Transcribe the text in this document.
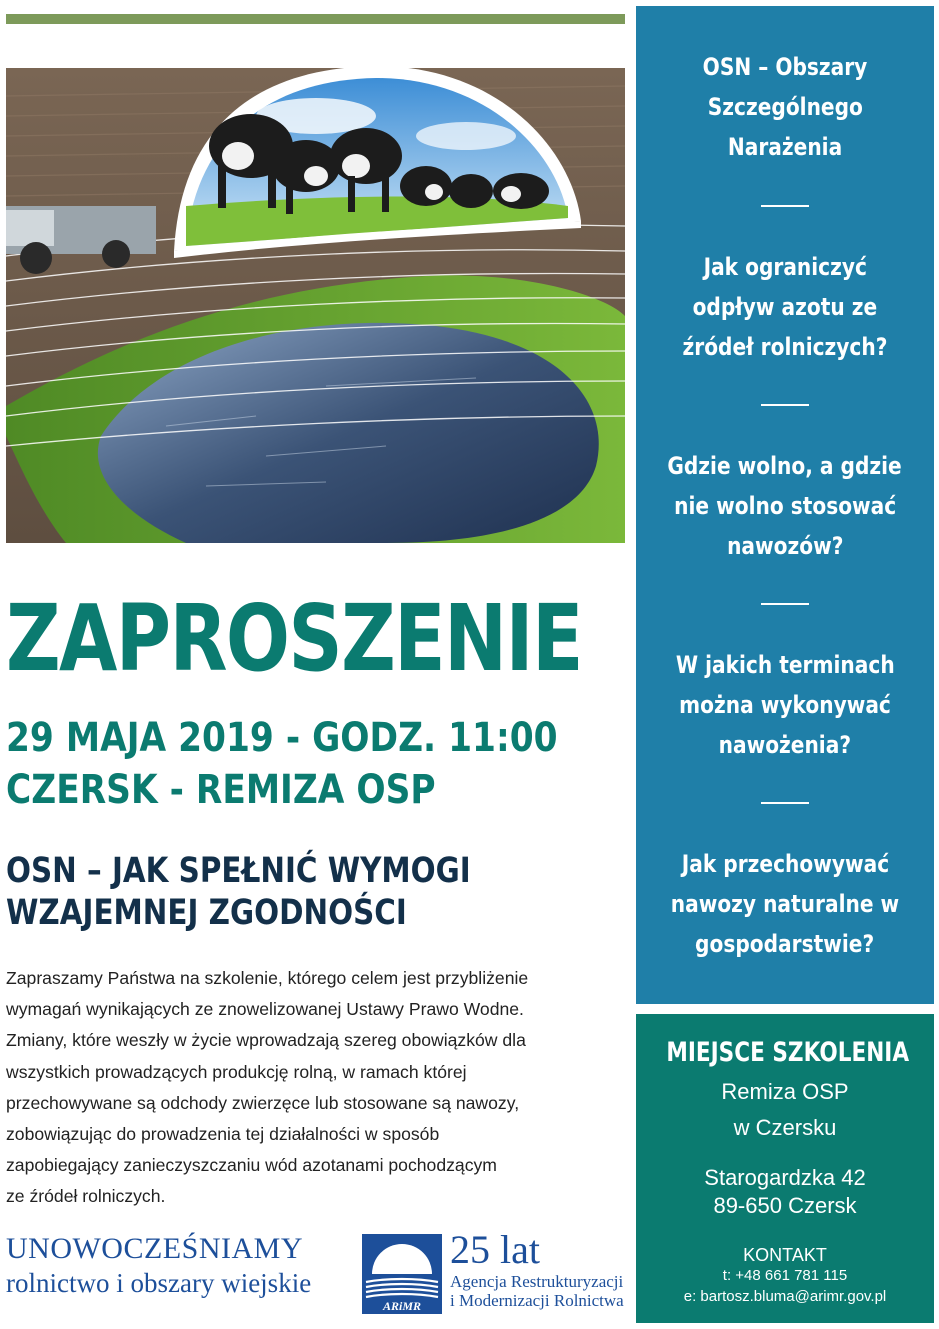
ZAPROSZENIE
29 MAJA 2019 - GODZ. 11:00
CZERSK - REMIZA OSP
OSN – JAK SPEŁNIĆ WYMOGI
WZAJEMNEJ ZGODNOŚCI
Zapraszamy Państwa na szkolenie, którego celem jest przybliżenie
wymagań wynikających ze znowelizowanej Ustawy Prawo Wodne.
Zmiany, które weszły w życie wprowadzają szereg obowiązków dla
wszystkich prowadzących produkcję rolną, w ramach której
przechowywane są odchody zwierzęce lub stosowane są nawozy,
zobowiązując do prowadzenia tej działalności w sposób
zapobiegający zanieczyszczaniu wód azotanami pochodzącym
ze źródeł rolniczych.
UNOWOCZEŚNIAMY
rolnictwo i obszary wiejskie
ARiMR
25 lat
Agencja Restrukturyzacji
i Modernizacji Rolnictwa
OSN – Obszary
Szczególnego
Narażenia
Jak ograniczyć
odpływ azotu ze
źródeł rolniczych?
Gdzie wolno, a gdzie
nie wolno stosować
nawozów?
W jakich terminach
można wykonywać
nawożenia?
Jak przechowywać
nawozy naturalne w
gospodarstwie?
MIEJSCE SZKOLENIA
Remiza OSP
w Czersku
Starogardzka 42
89-650 Czersk
KONTAKT
t: +48 661 781 115
e: bartosz.bluma@arimr.gov.pl
